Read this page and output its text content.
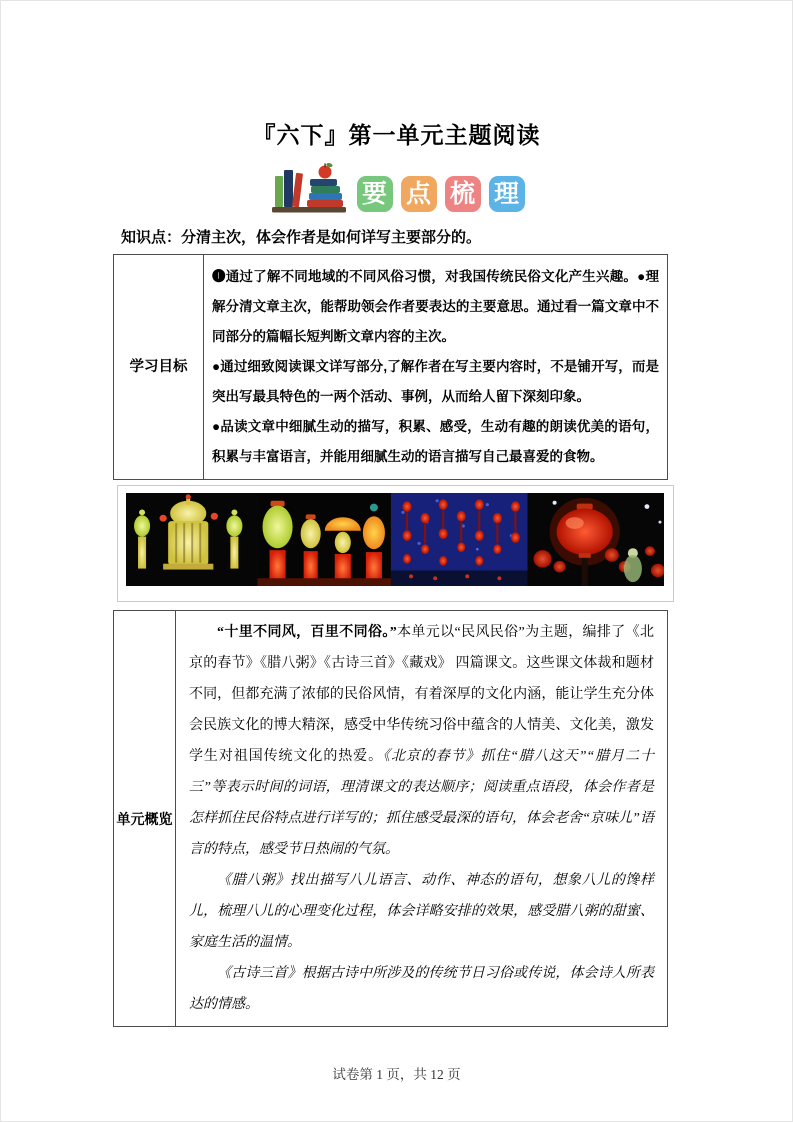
『六下』第一单元主题阅读
要 点 梳 理
知识点：分清主次，体会作者是如何详写主要部分的。
学习目标	

❶通过了解不同地域的不同风俗习惯，对我国传统民俗文化产生兴趣。●理解分清文章主次，能帮助领会作者要表达的主要意思。通过看一篇文章中不同部分的篇幅长短判断文章内容的主次。

●通过细致阅读课文详写部分,了解作者在写主要内容时，不是铺开写，而是突出写最具特色的一两个活动、事例，从而给人留下深刻印象。

●品读文章中细腻生动的描写，积累、感受，生动有趣的朗读优美的语句，积累与丰富语言，并能用细腻生动的语言描写自己最喜爱的食物。

单元概览	

“十里不同风，百里不同俗。”本单元以“民风民俗”为主题，编排了《北京的春节》《腊八粥》《古诗三首》《藏戏》 四篇课文。这些课文体裁和题材不同，但都充满了浓郁的民俗风情，有着深厚的文化内涵，能让学生充分体会民族文化的博大精深，感受中华传统习俗中蕴含的人情美、文化美，激发学生对祖国传统文化的热爱。《北京的春节》抓住“腊八这天”“腊月二十三”等表示时间的词语，理清课文的表达顺序；阅读重点语段，体会作者是怎样抓住民俗特点进行详写的；抓住感受最深的语句，体会老舍“京味儿”语言的特点，感受节日热闹的气氛。

《腊八粥》找出描写八儿语言、动作、神态的语句，想象八儿的馋样儿，梳理八儿的心理变化过程，体会详略安排的效果，感受腊八粥的甜蜜、家庭生活的温情。

《古诗三首》根据古诗中所涉及的传统节日习俗或传说，体会诗人所表达的情感。

试卷第 1 页，共 12 页
